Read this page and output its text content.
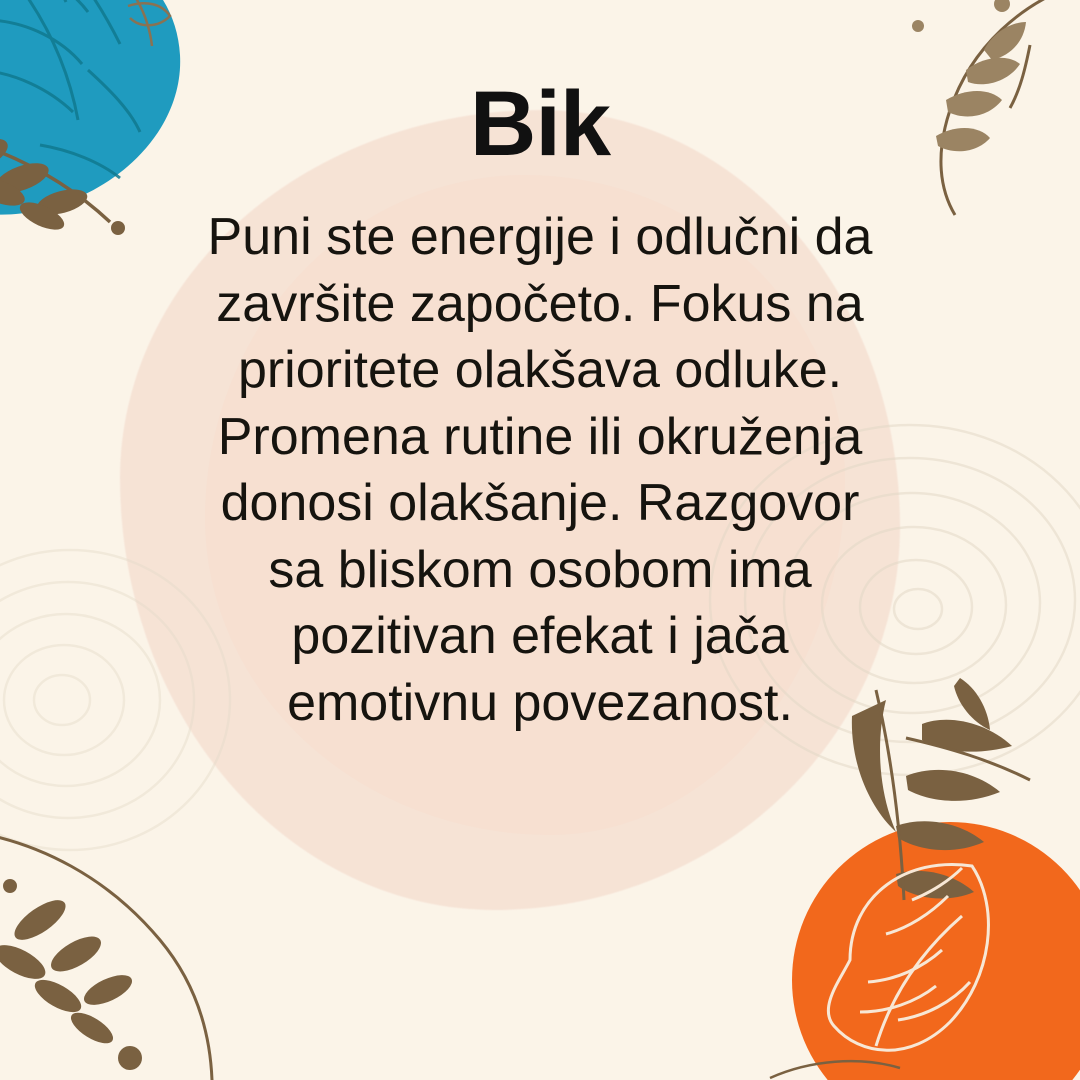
Bik
Puni ste energije i odlučni da završite započeto. Fokus na prioritete olakšava odluke. Promena rutine ili okruženja donosi olakšanje. Razgovor sa bliskom osobom ima pozitivan efekat i jača emotivnu povezanost.
